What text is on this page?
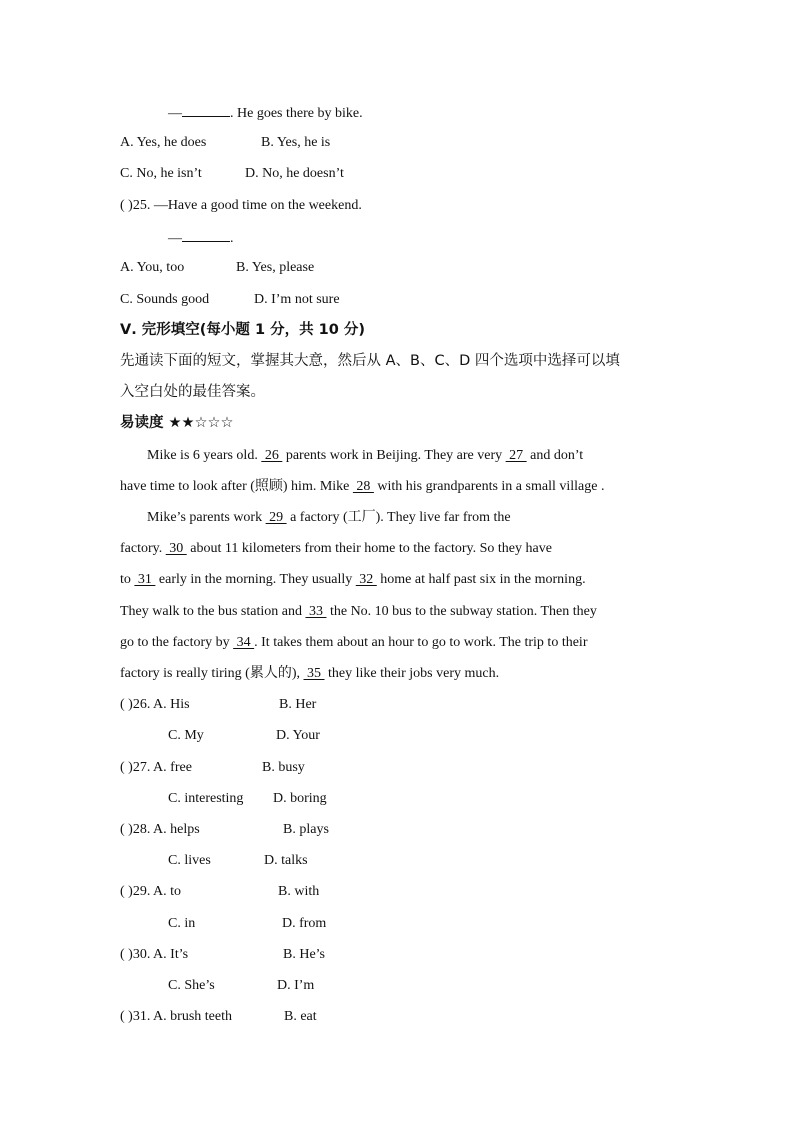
—	. He goes there by bike.
A. Yes, he does	B. Yes, he is
C. No, he isn’t	D. No, he doesn’t
( )25. —Have a good time on the weekend.
—	.
A. You, too	B. Yes, please
C. Sounds good	D. I’m not sure
Ⅴ. 完形填空(每小题 1 分，共 10 分)
先通读下面的短文，掌握其大意，然后从 A、B、C、D 四个选项中选择可以填
入空白处的最佳答案。
易读度 ★★☆☆☆
Mike is 6 years old.  26  parents work in Beijing. They are very  27  and don’t
have time to look after (照顾) him. Mike  28  with his grandparents in a small village .
Mike’s parents work  29  a factory (工厂). They live far from the
factory.  30  about 11 kilometers from their home to the factory. So they have
to  31  early in the morning. They usually  32  home at half past six in the morning.
They walk to the bus station and  33  the No. 10 bus to the subway station. Then they
go to the factory by  34 . It takes them about an hour to go to work. The trip to their
factory is really tiring (累人的),  35  they like their jobs very much.
( )26. A. His	B. Her
C. My	D. Your
( )27. A. free	B. busy
C. interesting D. boring
( )28. A. helps	B. plays
C. lives	D. talks
( )29. A. to	B. with
C. in	D. from
( )30. A. It’s	B. He’s
C. She’s	D. I’m
( )31. A. brush teeth	B. eat
